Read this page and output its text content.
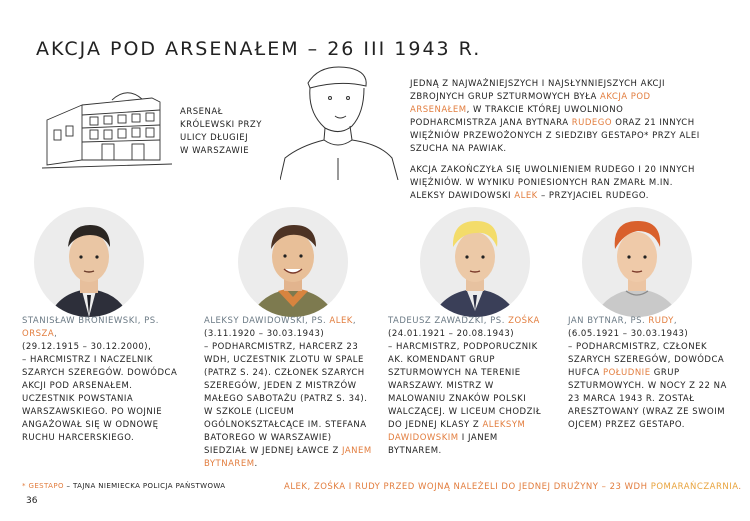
AKCJA POD ARSENAŁEM – 26 III 1943 R.
ARSENAŁ
KRÓLEWSKI PRZY
ULICY DŁUGIEJ
W WARSZAWIE

JEDNĄ Z NAJWAŻNIEJSZYCH I NAJSŁYNNIEJSZYCH AKCJI ZBROJNYCH GRUP SZTURMOWYCH BYŁA AKCJA POD ARSENAŁEM, W TRAKCIE KTÓREJ UWOLNIONO PODHARCMISTRZA JANA BYTNARA RUDEGO ORAZ 21 INNYCH WIĘŹNIÓW PRZEWOŻONYCH Z SIEDZIBY GESTAPO* PRZY ALEI SZUCHA NA PAWIAK.

AKCJA ZAKOŃCZYŁA SIĘ UWOLNIENIEM RUDEGO I 20 INNYCH WIĘŹNIÓW. W WYNIKU PONIESIONYCH RAN ZMARŁ M.IN. ALEKSY DAWIDOWSKI ALEK – PRZYJACIEL RUDEGO.

STANISŁAW BRONIEWSKI, PS. ORSZA,
(29.12.1915 – 30.12.2000),
– HARCMISTRZ I NACZELNIK SZARYCH SZEREGÓW. DOWÓDCA AKCJI POD ARSENAŁEM. UCZESTNIK POWSTANIA WARSZAWSKIEGO. PO WOJNIE ANGAŻOWAŁ SIĘ W ODNOWĘ RUCHU HARCERSKIEGO.
ALEKSY DAWIDOWSKI, PS. ALEK,
(3.11.1920 – 30.03.1943)
– PODHARCMISTRZ, HARCERZ 23 WDH, UCZESTNIK ZLOTU W SPALE (PATRZ S. 24). CZŁONEK SZARYCH SZEREGÓW, JEDEN Z MISTRZÓW MAŁEGO SABOTAŻU (PATRZ S. 34). W SZKOLE (LICEUM OGÓLNOKSZTAŁCĄCE IM. STEFANA BATOREGO W WARSZAWIE) SIEDZIAŁ W JEDNEJ ŁAWCE Z JANEM BYTNAREM.
TADEUSZ ZAWADZKI, PS. ZOŚKA
(24.01.1921 – 20.08.1943)
– HARCMISTRZ, PODPORUCZNIK AK. KOMENDANT GRUP SZTURMOWYCH NA TERENIE WARSZAWY. MISTRZ W MALOWANIU ZNAKÓW POLSKI WALCZĄCEJ. W LICEUM CHODZIŁ DO JEDNEJ KLASY Z ALEKSYM DAWIDOWSKIM I JANEM BYTNAREM.
JAN BYTNAR, PS. RUDY,
(6.05.1921 – 30.03.1943)
– PODHARCMISTRZ, CZŁONEK SZARYCH SZEREGÓW, DOWÓDCA HUFCA POŁUDNIE GRUP SZTURMOWYCH. W NOCY Z 22 NA 23 MARCA 1943 R. ZOSTAŁ ARESZTOWANY (WRAZ ZE SWOIM OJCEM) PRZEZ GESTAPO.
* GESTAPO – TAJNA NIEMIECKA POLICJA PAŃSTWOWA
36
ALEK, ZOŚKA I RUDY PRZED WOJNĄ NALEŻELI DO JEDNEJ DRUŻYNY – 23 WDH POMARAŃCZARNIA.
